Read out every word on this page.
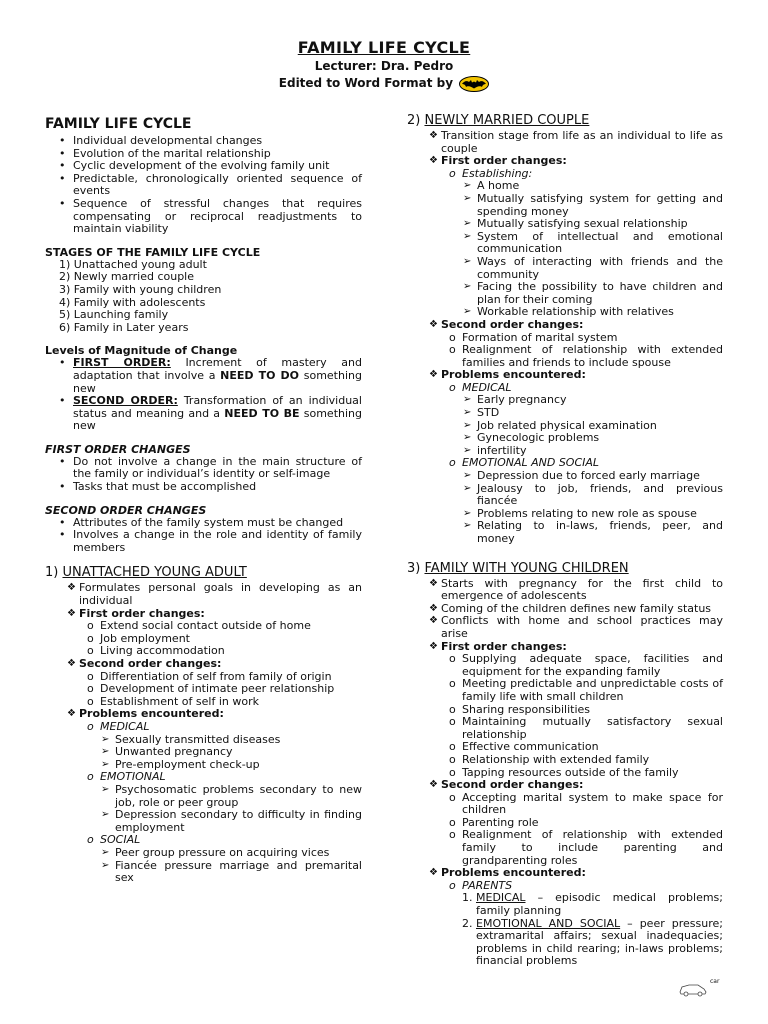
FAMILY LIFE CYCLE
Lecturer: Dra. Pedro
Edited to Word Format by
FAMILY LIFE CYCLE
• Individual developmental changes
• Evolution of the marital relationship
• Cyclic development of the evolving family unit
• Predictable, chronologically oriented sequence of events
• Sequence of stressful changes that requires compensating or reciprocal readjustments to maintain viability
STAGES OF THE FAMILY LIFE CYCLE
1) Unattached young adult
2) Newly married couple
3) Family with young children
4) Family with adolescents
5) Launching family
6) Family in Later years
Levels of Magnitude of Change
• FIRST ORDER: Increment of mastery and adaptation that involve a NEED TO DO something new
• SECOND ORDER: Transformation of an individual status and meaning and a NEED TO BE something new
FIRST ORDER CHANGES
• Do not involve a change in the main structure of the family or individual’s identity or self-image
• Tasks that must be accomplished
SECOND ORDER CHANGES
• Attributes of the family system must be changed
• Involves a change in the role and identity of family members
1) UNATTACHED YOUNG ADULT
❖ Formulates personal goals in developing as an individual
❖ First order changes:
o Extend social contact outside of home
o Job employment
o Living accommodation
❖ Second order changes:
o Differentiation of self from family of origin
o Development of intimate peer relationship
o Establishment of self in work
❖ Problems encountered:
o MEDICAL
➢ Sexually transmitted diseases
➢ Unwanted pregnancy
➢ Pre-employment check-up
o EMOTIONAL
➢ Psychosomatic problems secondary to new job, role or peer group
➢ Depression secondary to difficulty in finding employment
o SOCIAL
➢ Peer group pressure on acquiring vices
➢ Fiancée pressure marriage and premarital sex
2) NEWLY MARRIED COUPLE
❖ Transition stage from life as an individual to life as couple
❖ First order changes:
o Establishing:
➢ A home
➢ Mutually satisfying system for getting and spending money
➢ Mutually satisfying sexual relationship
➢ System of intellectual and emotional communication
➢ Ways of interacting with friends and the community
➢ Facing the possibility to have children and plan for their coming
➢ Workable relationship with relatives
❖ Second order changes:
o Formation of marital system
o Realignment of relationship with extended families and friends to include spouse
❖ Problems encountered:
o MEDICAL
➢ Early pregnancy
➢ STD
➢ Job related physical examination
➢ Gynecologic problems
➢ infertility
o EMOTIONAL AND SOCIAL
➢ Depression due to forced early marriage
➢ Jealousy to job, friends, and previous fiancée
➢ Problems relating to new role as spouse
➢ Relating to in-laws, friends, peer, and money
3) FAMILY WITH YOUNG CHILDREN
❖ Starts with pregnancy for the first child to emergence of adolescents
❖ Coming of the children defines new family status
❖ Conflicts with home and school practices may arise
❖ First order changes:
o Supplying adequate space, facilities and equipment for the expanding family
o Meeting predictable and unpredictable costs of family life with small children
o Sharing responsibilities
o Maintaining mutually satisfactory sexual relationship
o Effective communication
o Relationship with extended family
o Tapping resources outside of the family
❖ Second order changes:
o Accepting marital system to make space for children
o Parenting role
o Realignment of relationship with extended family to include parenting and grandparenting roles
❖ Problems encountered:
o PARENTS
1. MEDICAL – episodic medical problems; family planning
2. EMOTIONAL AND SOCIAL – peer pressure; extramarital affairs; sexual inadequacies; problems in child rearing; in-laws problems; financial problems
car
